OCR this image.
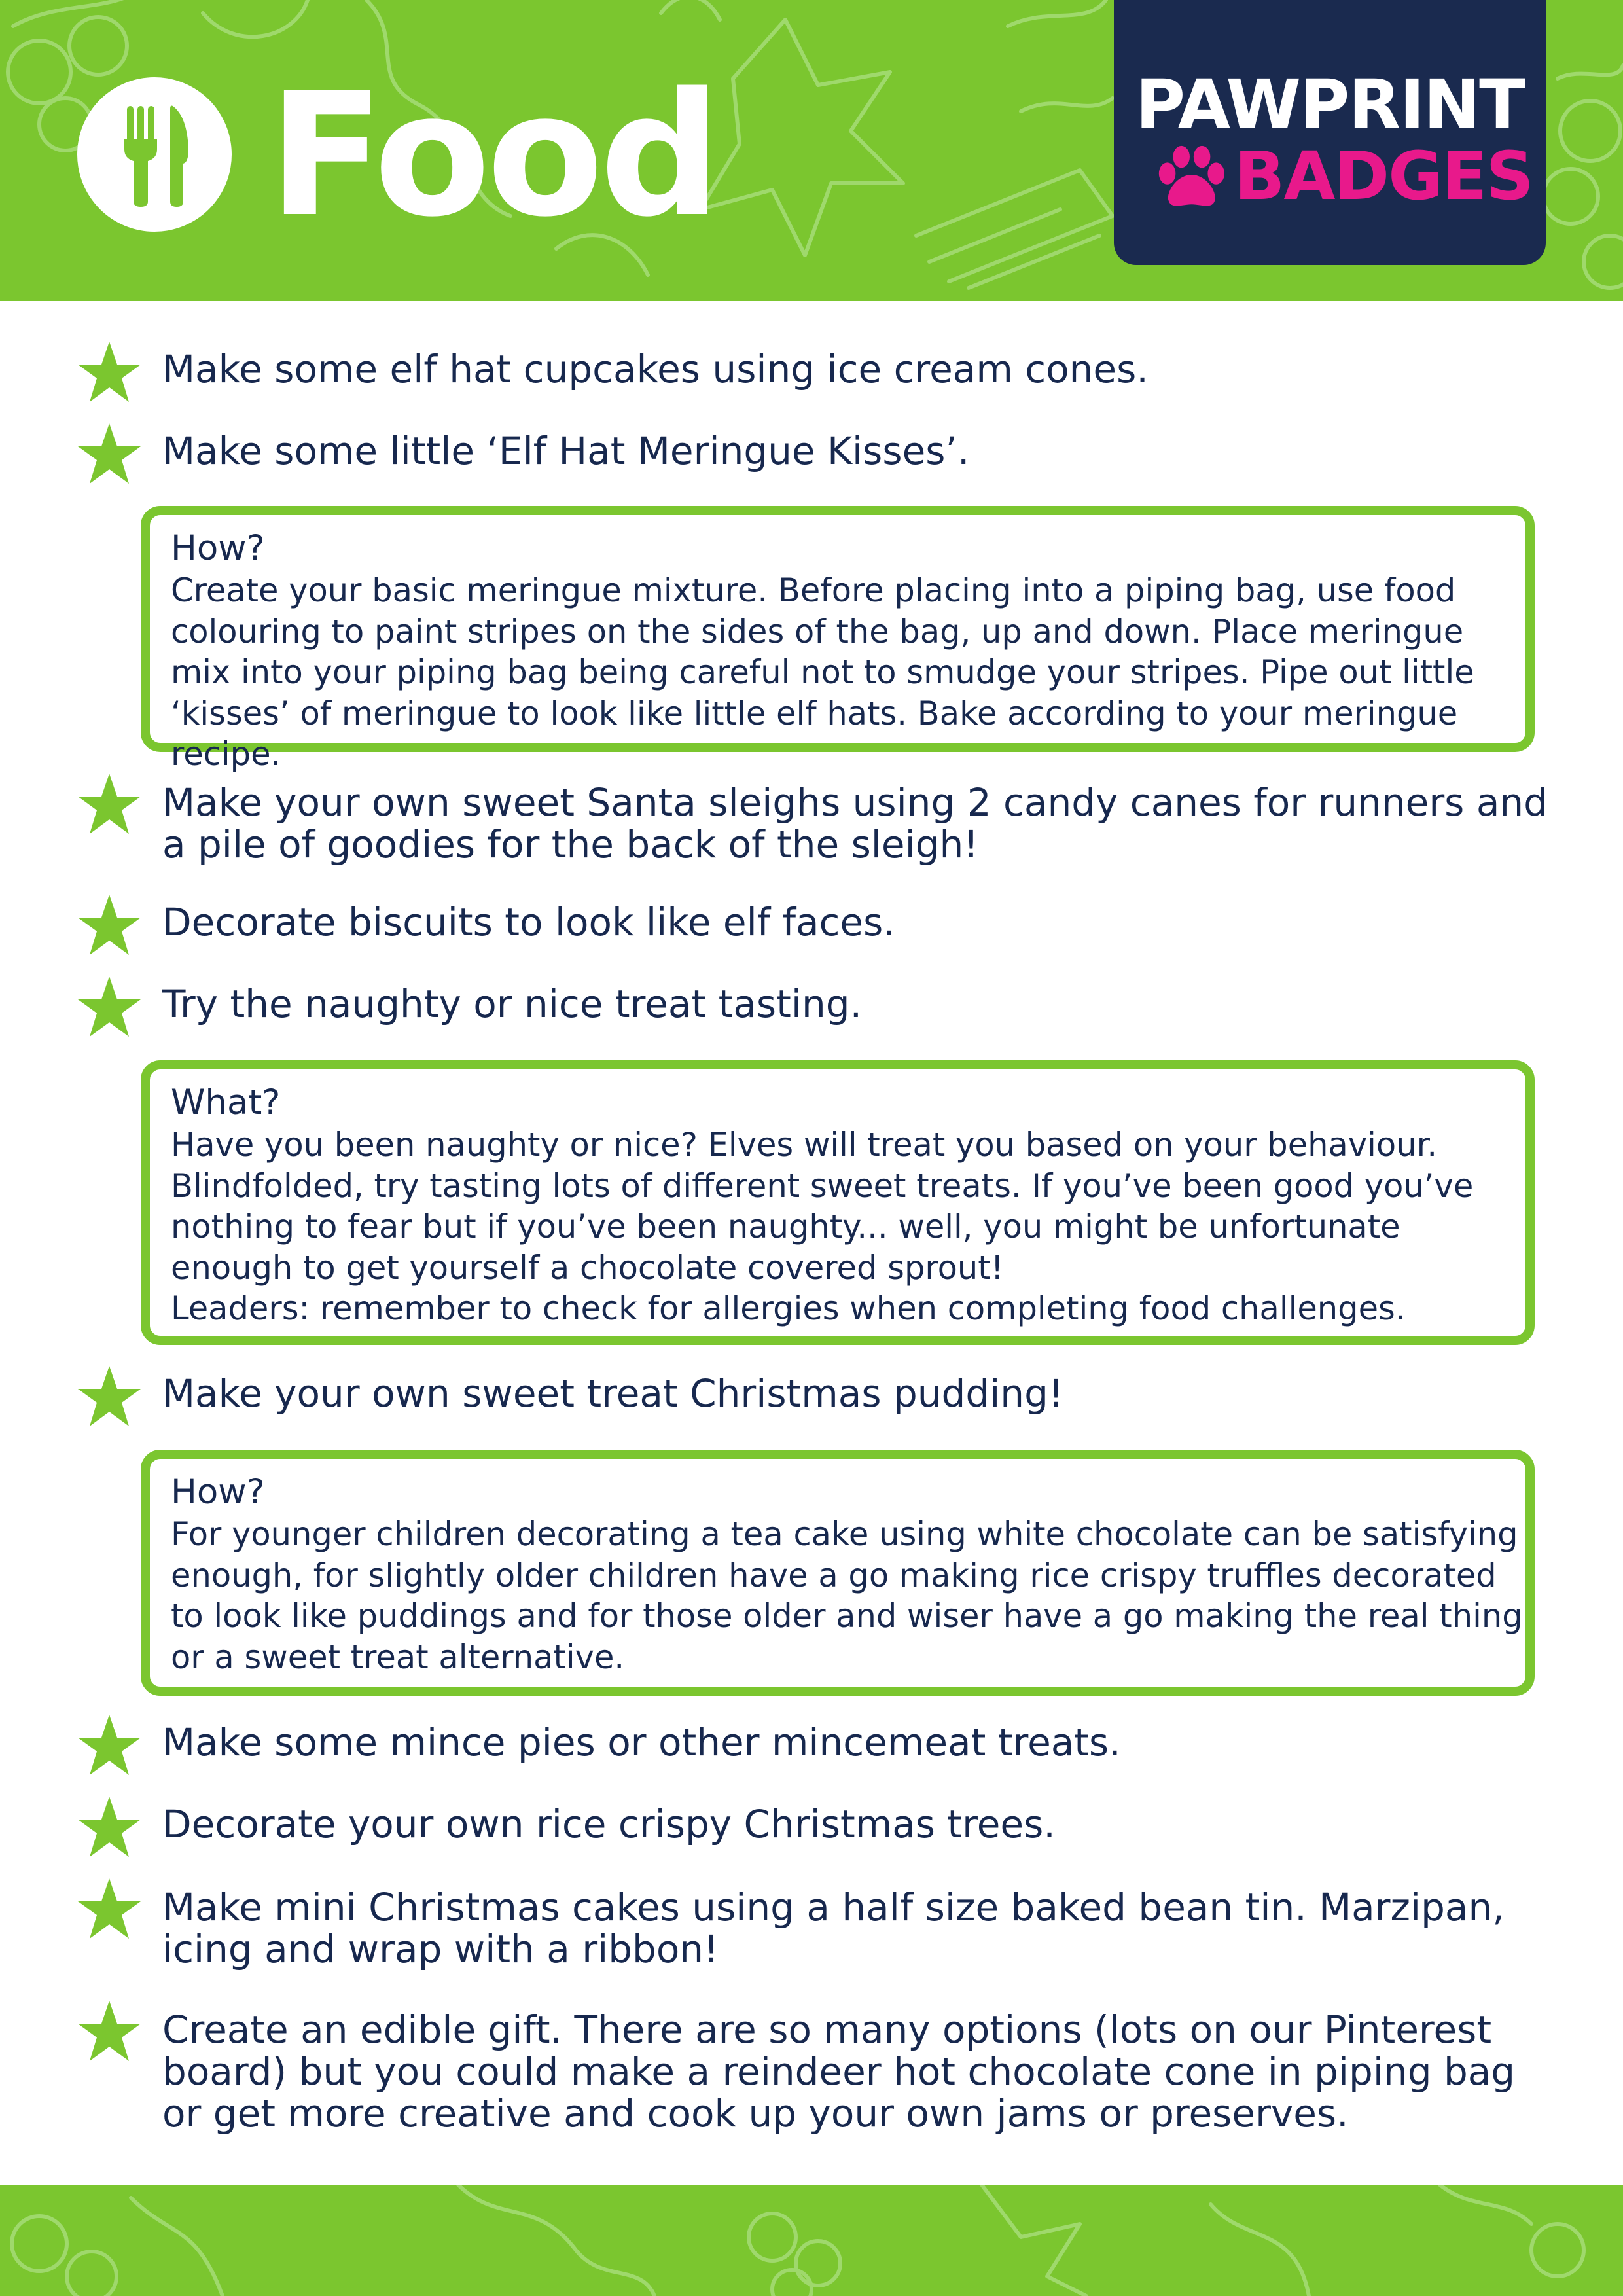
Food	PAWPRINT
BADGES
Make some elf hat cupcakes using ice cream cones.
Make some little ‘Elf Hat Meringue Kisses’.
How?
Create your basic meringue mixture. Before placing into a piping bag, use food colouring to paint stripes on the sides of the bag, up and down. Place meringue mix into your piping bag being careful not to smudge your stripes. Pipe out little ‘kisses’ of meringue to look like little elf hats. Bake according to your meringue recipe.
Make your own sweet Santa sleighs using 2 candy canes for runners and a pile of goodies for the back of the sleigh!
Decorate biscuits to look like elf faces.
Try the naughty or nice treat tasting.
What?
Have you been naughty or nice? Elves will treat you based on your behaviour. Blindfolded, try tasting lots of different sweet treats. If you’ve been good you’ve nothing to fear but if you’ve been naughty... well, you might be unfortunate enough to get yourself a chocolate covered sprout!
Leaders: remember to check for allergies when completing food challenges.
Make your own sweet treat Christmas pudding!
How?
For younger children decorating a tea cake using white chocolate can be satisfying enough, for slightly older children have a go making rice crispy truffles decorated to look like puddings and for those older and wiser have a go making the real thing or a sweet treat alternative.
Make some mince pies or other mincemeat treats.
Decorate your own rice crispy Christmas trees.
Make mini Christmas cakes using a half size baked bean tin. Marzipan, icing and wrap with a ribbon!
Create an edible gift. There are so many options (lots on our Pinterest board) but you could make a reindeer hot chocolate cone in piping bag or get more creative and cook up your own jams or preserves.
